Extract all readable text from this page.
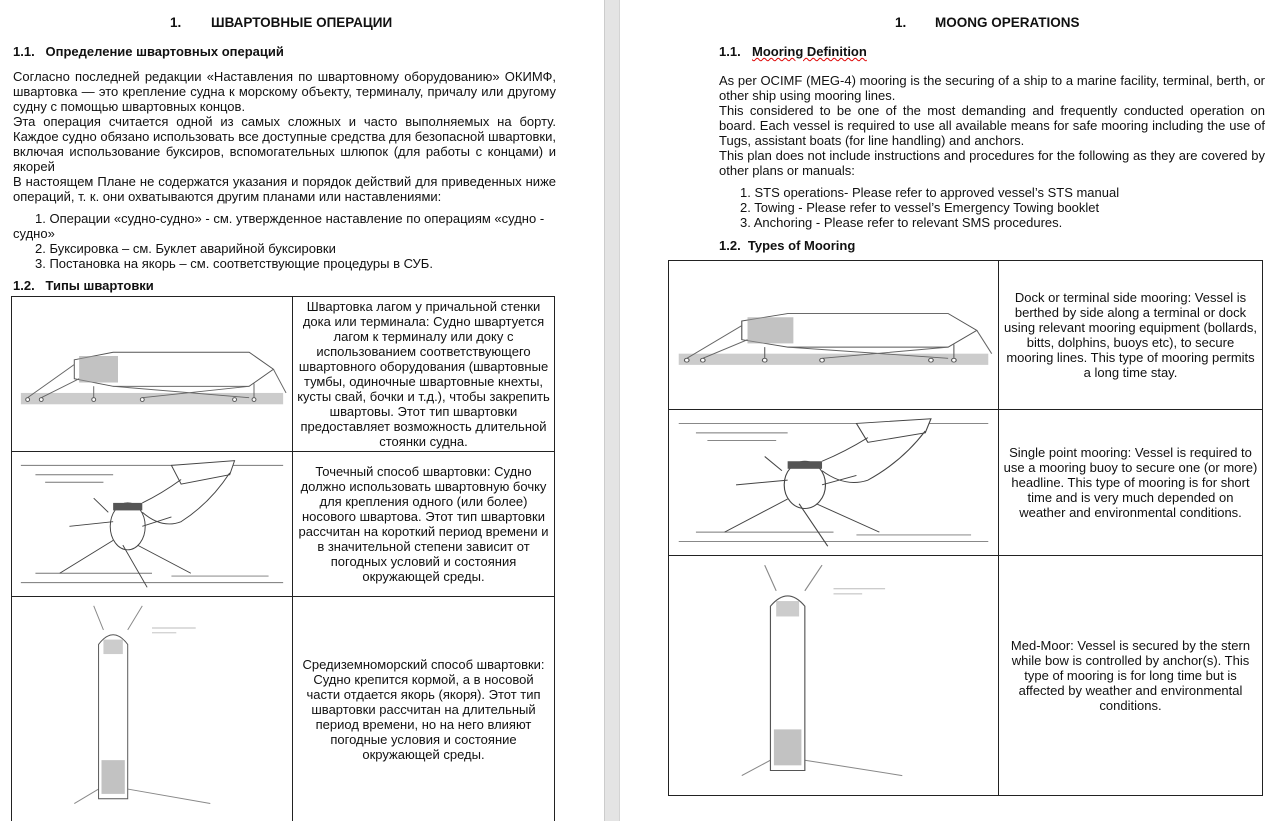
1. ШВАРТОВНЫЕ ОПЕРАЦИИ
1.1.   Определение швартовных операций

Согласно последней редакции «Наставления по швартовному оборудованию» ОКИМФ, швартовка — это крепление судна к морскому объекту, терминалу, причалу или другому судну с помощью швартовных концов.

Эта операция считается одной из самых сложных и часто выполняемых на борту. Каждое судно обязано использовать все доступные средства для безопасной швартовки, включая использование буксиров, вспомогательных шлюпок (для работы с концами) и якорей

В настоящем Плане не содержатся указания и порядок действий для приведенных ниже операций, т. к. они охватываются другим планами или наставлениями:

1. Операции «судно-судно» - см. утвержденное наставление по операциям «судно - судно»
2. Буксировка – см. Буклет аварийной буксировки
3. Постановка на якорь – см. соответствующие процедуры в СУБ.
1.2.   Типы швартовки
	Швартовка лагом у причальной стенки дока или терминала: Судно швартуется лагом к терминалу или доку с использованием соответствующего швартовного оборудования (швартовные тумбы, одиночные швартовные кнехты, кусты свай, бочки и т.д.), чтобы закрепить швартовы. Этот тип швартовки предоставляет возможность длительной стоянки судна.

	Точечный способ швартовки: Судно должно использовать швартовную бочку для крепления одного (или более) носового швартова. Этот тип швартовки рассчитан на короткий период времени и в значительной степени зависит от погодных условий и состояния окружающей среды.

	Средиземноморский способ швартовки: Судно крепится кормой, а в носовой части отдается якорь (якоря). Этот тип швартовки рассчитан на длительный период времени, но на него влияют погодные условия и состояние окружающей среды.
1. MOONG OPERATIONS
1.1. Mooring Definition

As per OCIMF (MEG-4) mooring is the securing of a ship to a marine facility, terminal, berth, or other ship using mooring lines.

This considered to be one of the most demanding and frequently conducted operation on board. Each vessel is required to use all available means for safe mooring including the use of Tugs, assistant boats (for line handling) and anchors.

This plan does not include instructions and procedures for the following as they are covered by other plans or manuals:

1. STS operations- Please refer to approved vessel’s STS manual
2. Towing - Please refer to vessel’s Emergency Towing booklet
3. Anchoring - Please refer to relevant SMS procedures.
1.2.  Types of Mooring
	Dock or terminal side mooring: Vessel is berthed by side along a terminal or dock using relevant mooring equipment (bollards, bitts, dolphins, buoys etc), to secure mooring lines. This type of mooring permits a long time stay.

	Single point mooring: Vessel is required to use a mooring buoy to secure one (or more) headline. This type of mooring is for short time and is very much depended on weather and environmental conditions.

	Med-Moor: Vessel is secured by the stern while bow is controlled by anchor(s). This type of mooring is for long time but is affected by weather and environmental conditions.
